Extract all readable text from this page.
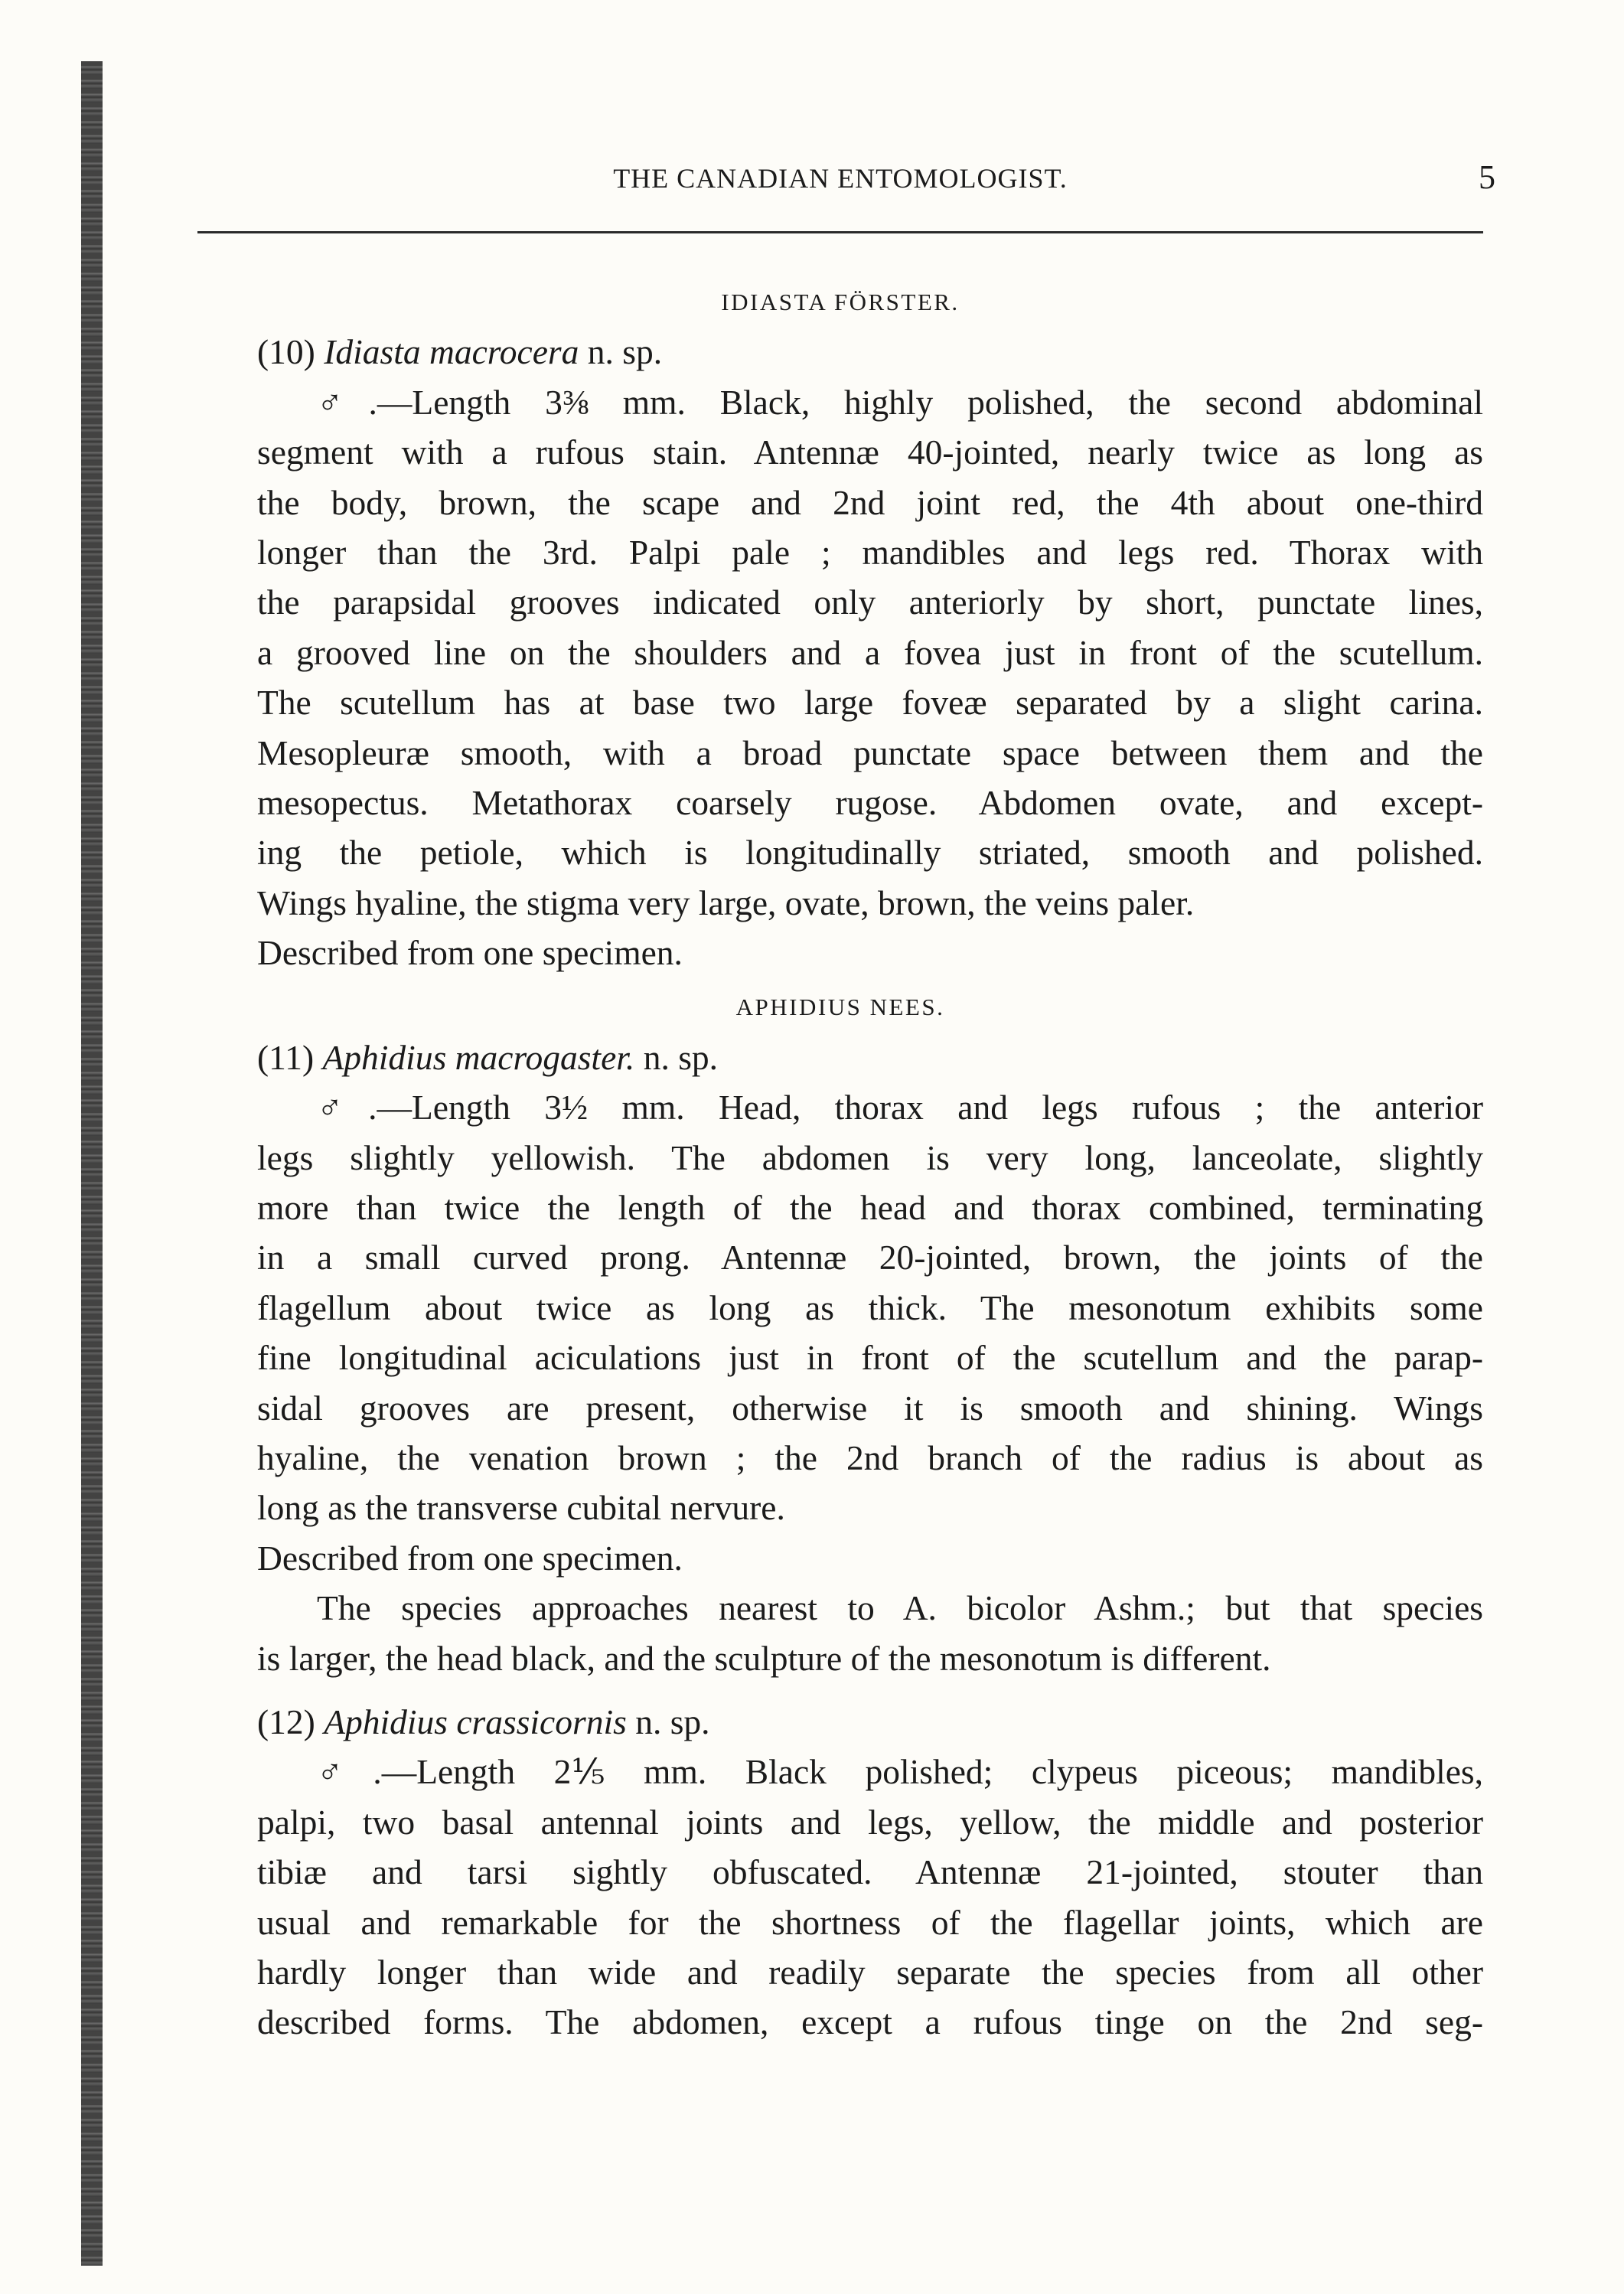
THE CANADIAN ENTOMOLOGIST.	5
IDIASTA FÖRSTER.
(10) Idiasta macrocera n. sp.

♂.—Length 3⅜ mm. Black, highly polished, the second abdominal
segment with a rufous stain. Antennæ 40-jointed, nearly twice as long as
the body, brown, the scape and 2nd joint red, the 4th about one-third
longer than the 3rd. Palpi pale ; mandibles and legs red. Thorax with
the parapsidal grooves indicated only anteriorly by short, punctate lines,
a grooved line on the shoulders and a fovea just in front of the scutellum.
The scutellum has at base two large foveæ separated by a slight carina.
Mesopleuræ smooth, with a broad punctate space between them and the
mesopectus. Metathorax coarsely rugose. Abdomen ovate, and except-
ing the petiole, which is longitudinally striated, smooth and polished.
Wings hyaline, the stigma very large, ovate, brown, the veins paler.

Described from one specimen.

APHIDIUS NEES.
(11) Aphidius macrogaster. n. sp.

♂.—Length 3½ mm. Head, thorax and legs rufous ; the anterior
legs slightly yellowish. The abdomen is very long, lanceolate, slightly
more than twice the length of the head and thorax combined, terminating
in a small curved prong. Antennæ 20-jointed, brown, the joints of the
flagellum about twice as long as thick. The mesonotum exhibits some
fine longitudinal aciculations just in front of the scutellum and the parap-
sidal grooves are present, otherwise it is smooth and shining. Wings
hyaline, the venation brown ; the 2nd branch of the radius is about as
long as the transverse cubital nervure.

Described from one specimen.

The species approaches nearest to A. bicolor Ashm.; but that species
is larger, the head black, and the sculpture of the mesonotum is different.

(12) Aphidius crassicornis n. sp.

♂.—Length 2⅕ mm. Black polished; clypeus piceous; mandibles,
palpi, two basal antennal joints and legs, yellow, the middle and posterior
tibiæ and tarsi sightly obfuscated. Antennæ 21-jointed, stouter than
usual and remarkable for the shortness of the flagellar joints, which are
hardly longer than wide and readily separate the species from all other
described forms. The abdomen, except a rufous tinge on the 2nd seg-
